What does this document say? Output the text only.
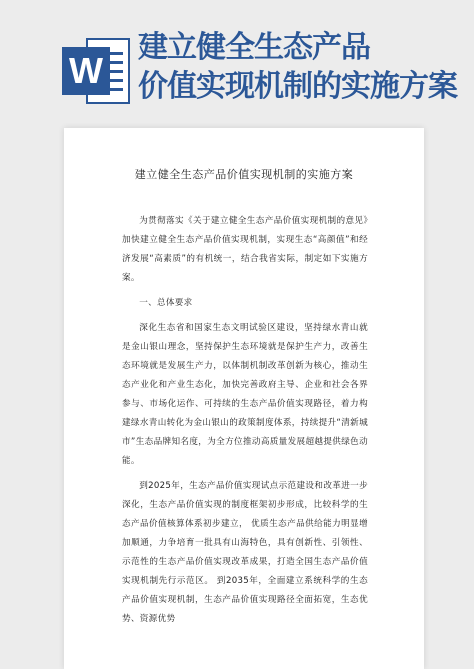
W
建立健全生态产品
价值实现机制的实施方案
建立健全生态产品价值实现机制的实施方案

为贯彻落实《关于建立健全生态产品价值实现机制的意见》加快建立健全生态产品价值实现机制，实现生态“高颜值”和经济发展“高素质”的有机统一，结合我省实际，制定如下实施方案。

一、总体要求

深化生态省和国家生态文明试验区建设，坚持绿水青山就是金山银山理念，坚持保护生态环境就是保护生产力，改善生态环境就是发展生产力，以体制机制改革创新为核心，推动生态产业化和产业生态化，加快完善政府主导、企业和社会各界参与、市场化运作、可持续的生态产品价值实现路径，着力构建绿水青山转化为金山银山的政策制度体系，持续提升“清新城市”生态品牌知名度，为全方位推动高质量发展超越提供绿色动能。

到2025年，生态产品价值实现试点示范建设和改革进一步深化，生态产品价值实现的制度框架初步形成，比较科学的生态产品价值核算体系初步建立， 优质生态产品供给能力明显增加顺通，力争培育一批具有山海特色，具有创新性、引领性、示范性的生态产品价值实现改革成果，打造全国生态产品价值实现机制先行示范区。 到2035年，全面建立系统科学的生态产品价值实现机制，生态产品价值实现路径全面拓宽，生态优势、资源优势
